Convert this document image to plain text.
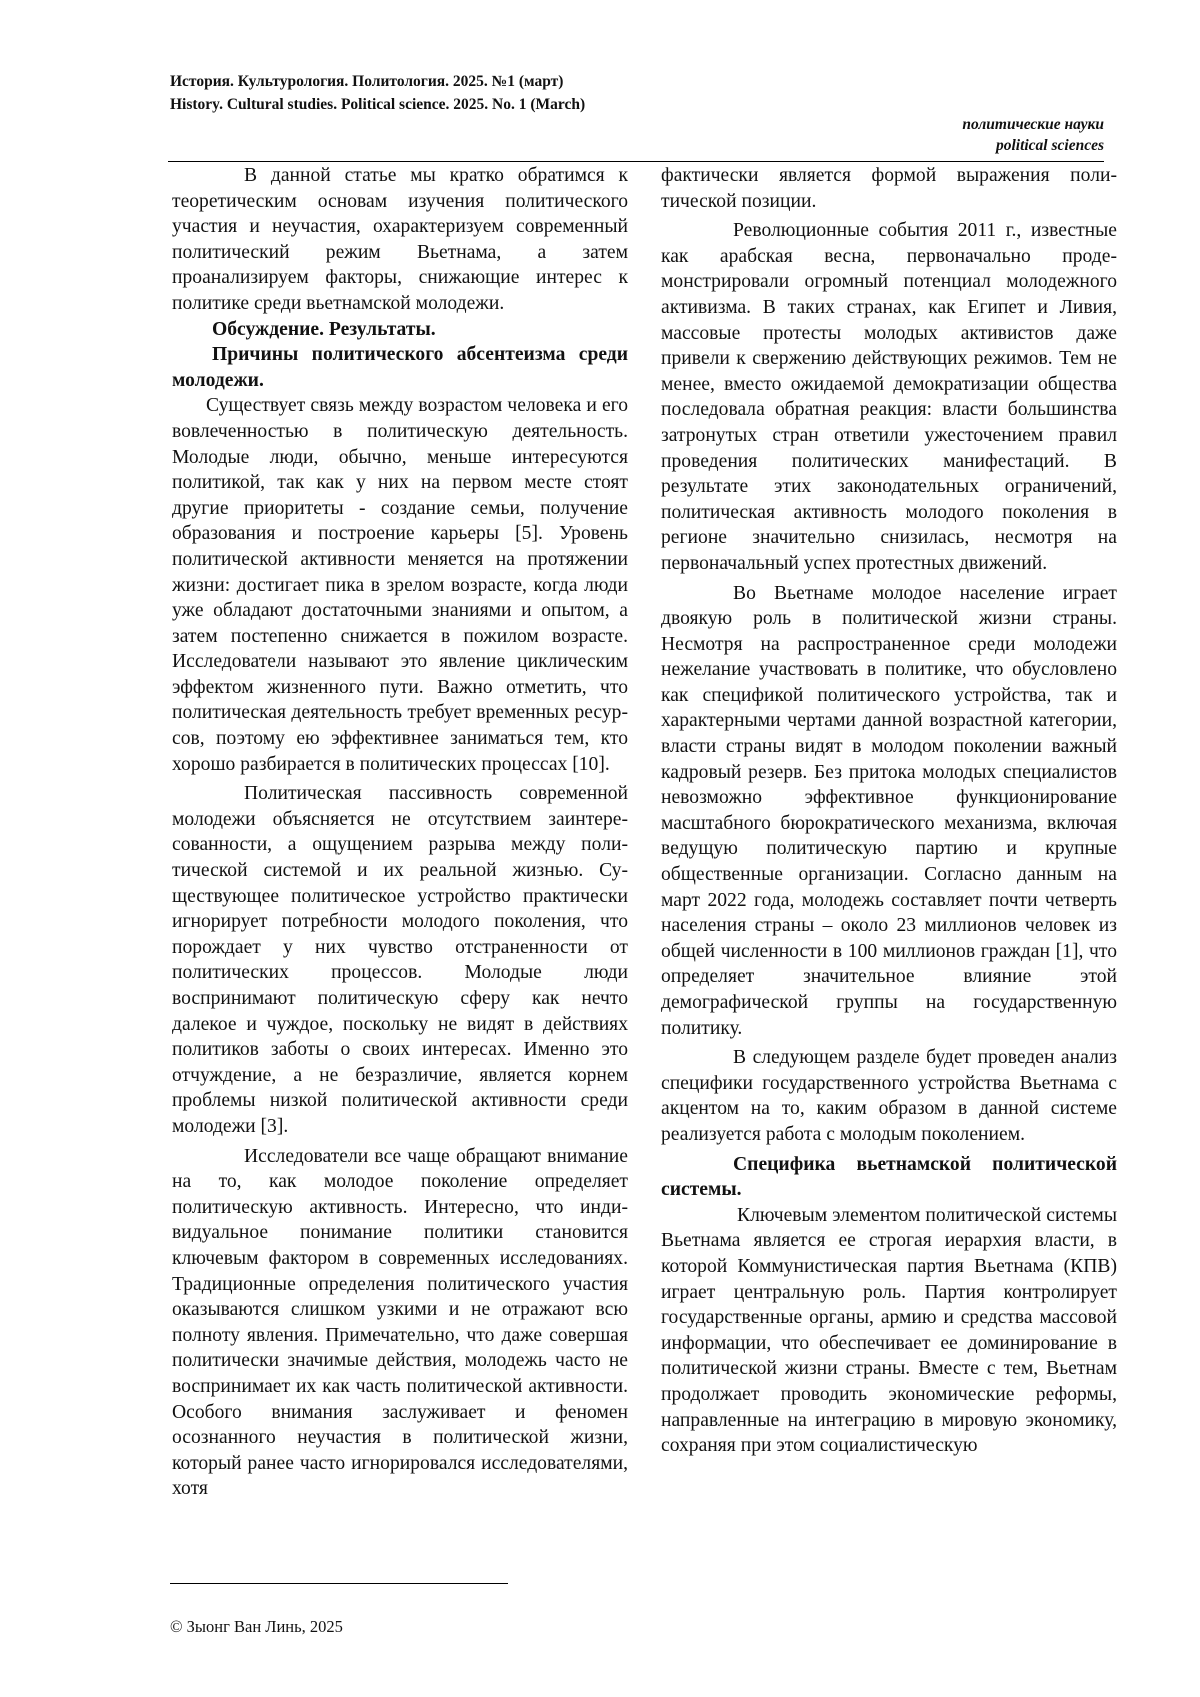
История. Культурология. Политология. 2025. №1 (март)
History. Cultural studies. Political science. 2025. No. 1 (March)
политические науки
political sciences

В данной статье мы кратко обратимся к теоретическим основам изучения политического участия и неучастия, охарактеризуем современный политический режим Вьетнама, а затем проанализируем факторы, снижающие интерес к политике среди вьетнамской молодежи.

Обсуждение. Результаты.

Причины политического абсентеизма среди молодежи.

Существует связь между возрастом человека и его вовлеченностью в политическую деятельность. Молодые люди, обычно, меньше интересуются политикой, так как у них на первом месте стоят другие приоритеты - создание семьи, получение образования и построение карьеры [5]. Уровень политической активности меняется на протяжении жизни: достигает пика в зрелом возрасте, когда люди уже обладают достаточными знаниями и опытом, а затем постепенно снижается в пожилом возрасте. Исследователи называют это явление циклическим эффектом жизненного пути. Важно отметить, что политическая деятельность требует временных ресурсов, поэтому ею эффективнее заниматься тем, кто хорошо разбирается в политических процессах [10].

Политическая пассивность современной молодежи объясняется не отсутствием заинтересованности, а ощущением разрыва между политической системой и их реальной жизнью. Существующее политическое устройство практически игнорирует потребности молодого поколения, что порождает у них чувство отстраненности от политических процессов. Молодые люди воспринимают политическую сферу как нечто далекое и чуждое, поскольку не видят в действиях политиков заботы о своих интересах. Именно это отчуждение, а не безразличие, является корнем проблемы низкой политической активности среди молодежи [3].

Исследователи все чаще обращают внимание на то, как молодое поколение определяет политическую активность. Интересно, что индивидуальное понимание политики становится ключевым фактором в современных исследованиях. Традиционные определения политического участия оказываются слишком узкими и не отражают всю полноту явления. Примечательно, что даже совершая политически значимые действия, молодежь часто не воспринимает их как часть политической активности. Особого внимания заслуживает и феномен осознанного неучастия в политической жизни, который ранее часто игнорировался исследователями, хотя

фактически является формой выражения политической позиции.

Революционные события 2011 г., известные как арабская весна, первоначально продемонстрировали огромный потенциал молодежного активизма. В таких странах, как Египет и Ливия, массовые протесты молодых активистов даже привели к свержению действующих режимов. Тем не менее, вместо ожидаемой демократизации общества последовала обратная реакция: власти большинства затронутых стран ответили ужесточением правил проведения политических манифестаций. В результате этих законодательных ограничений, политическая активность молодого поколения в регионе значительно снизилась, несмотря на первоначальный успех протестных движений.

Во Вьетнаме молодое население играет двоякую роль в политической жизни страны. Несмотря на распространенное среди молодежи нежелание участвовать в политике, что обусловлено как спецификой политического устройства, так и характерными чертами данной возрастной категории, власти страны видят в молодом поколении важный кадровый резерв. Без притока молодых специалистов невозможно эффективное функционирование масштабного бюрократического механизма, включая ведущую политическую партию и крупные общественные организации. Согласно данным на март 2022 года, молодежь составляет почти четверть населения страны – около 23 миллионов человек из общей численности в 100 миллионов граждан [1], что определяет значительное влияние этой демографической группы на государственную политику.

В следующем разделе будет проведен анализ специфики государственного устройства Вьетнама с акцентом на то, каким образом в данной системе реализуется работа с молодым поколением.

Специфика вьетнамской политической системы.

Ключевым элементом политической системы Вьетнама является ее строгая иерархия власти, в которой Коммунистическая партия Вьетнама (КПВ) играет центральную роль. Партия контролирует государственные органы, армию и средства массовой информации, что обеспечивает ее доминирование в политической жизни страны. Вместе с тем, Вьетнам продолжает проводить экономические реформы, направленные на интеграцию в мировую экономику, сохраняя при этом социалистическую

© Зыонг Ван Линь, 2025
